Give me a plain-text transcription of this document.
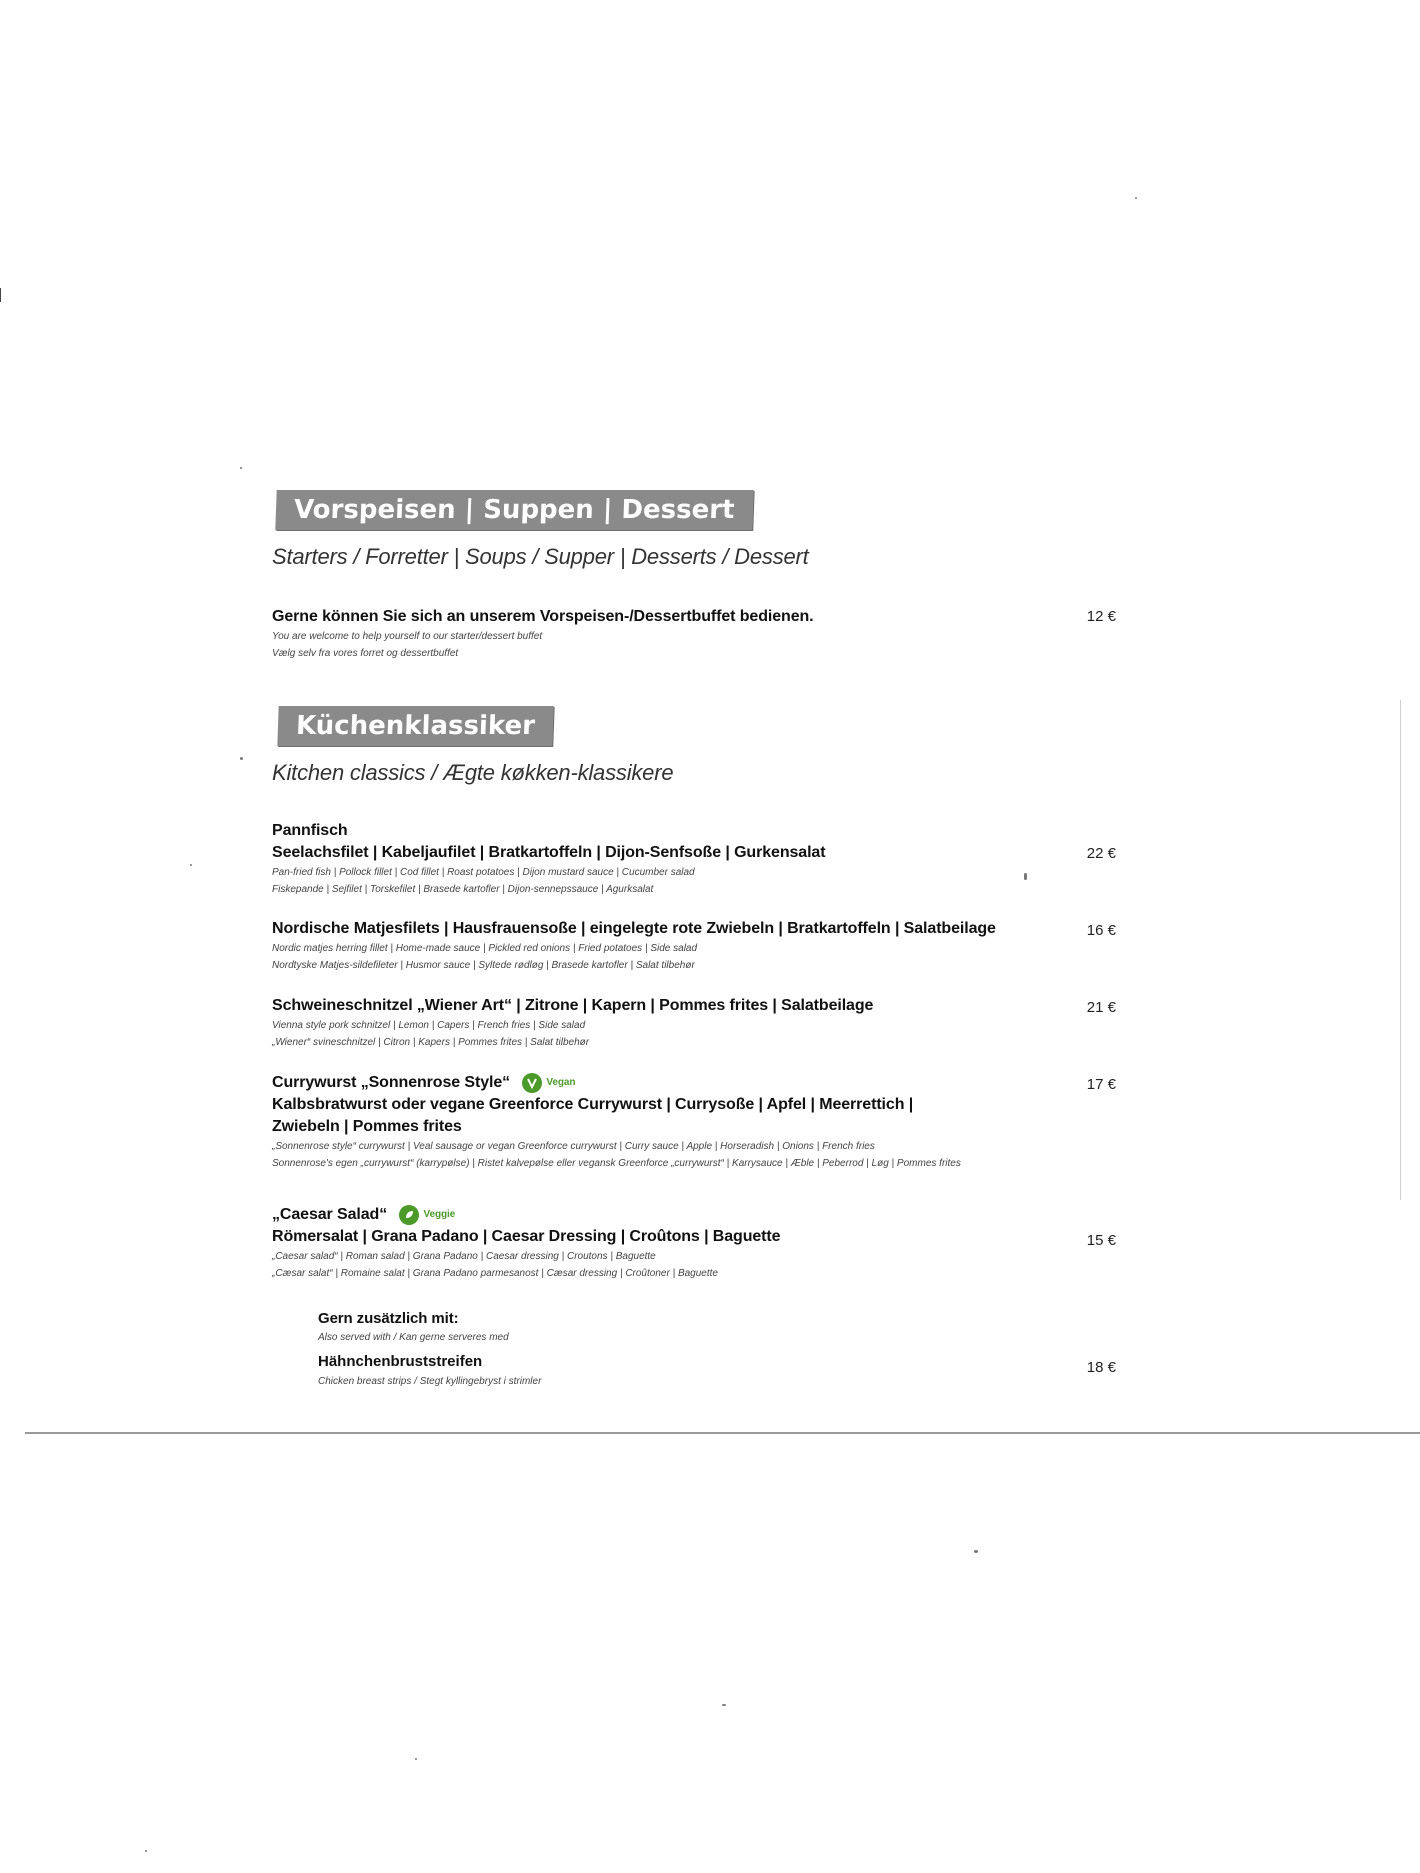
Vorspeisen | Suppen | Dessert
Starters / Forretter | Soups / Supper | Desserts / Dessert
Gerne können Sie sich an unserem Vorspeisen-/Dessertbuffet bedienen.
You are welcome to help yourself to our starter/dessert buffet
Vælg selv fra vores forret og dessertbuffet
12 €
Küchenklassiker
Kitchen classics / Ægte køkken-klassikere
Pannfisch
Seelachsfilet | Kabeljaufilet | Bratkartoffeln | Dijon-Senfsoße | Gurkensalat
Pan-fried fish | Pollock fillet | Cod fillet | Roast potatoes | Dijon mustard sauce | Cucumber salad
Fiskepande | Sejfilet | Torskefilet | Brasede kartofler | Dijon-sennepssauce | Agurksalat
22 €
Nordische Matjesfilets | Hausfrauensoße | eingelegte rote Zwiebeln | Bratkartoffeln | Salatbeilage
Nordic matjes herring fillet | Home-made sauce | Pickled red onions | Fried potatoes | Side salad
Nordtyske Matjes-sildefileter | Husmor sauce | Syltede rødløg | Brasede kartofler | Salat tilbehør
16 €
Schweineschnitzel „Wiener Art“ | Zitrone | Kapern | Pommes frites | Salatbeilage
Vienna style pork schnitzel | Lemon | Capers | French fries | Side salad
„Wiener“ svineschnitzel | Citron | Kapers | Pommes frites | Salat tilbehør
21 €
Currywurst „Sonnenrose Style“	Vegan
Kalbsbratwurst oder vegane Greenforce Currywurst | Currysoße | Apfel | Meerrettich | Zwiebeln | Pommes frites
„Sonnenrose style“ currywurst | Veal sausage or vegan Greenforce currywurst | Curry sauce | Apple | Horseradish | Onions | French fries
Sonnenrose's egen „currywurst“ (karrypølse) | Ristet kalvepølse eller vegansk Greenforce „currywurst“ | Karrysauce | Æble | Peberrod | Løg | Pommes frites
17 €
„Caesar Salad“	Veggie
Römersalat | Grana Padano | Caesar Dressing | Croûtons | Baguette
„Caesar salad“ | Roman salad | Grana Padano | Caesar dressing | Croutons | Baguette
„Cæsar salat“ | Romaine salat | Grana Padano parmesanost | Cæsar dressing | Croûtoner | Baguette
15 €
Gern zusätzlich mit:
Also served with / Kan gerne serveres med
Hähnchenbruststreifen
Chicken breast strips / Stegt kyllingebryst i strimler
18 €
